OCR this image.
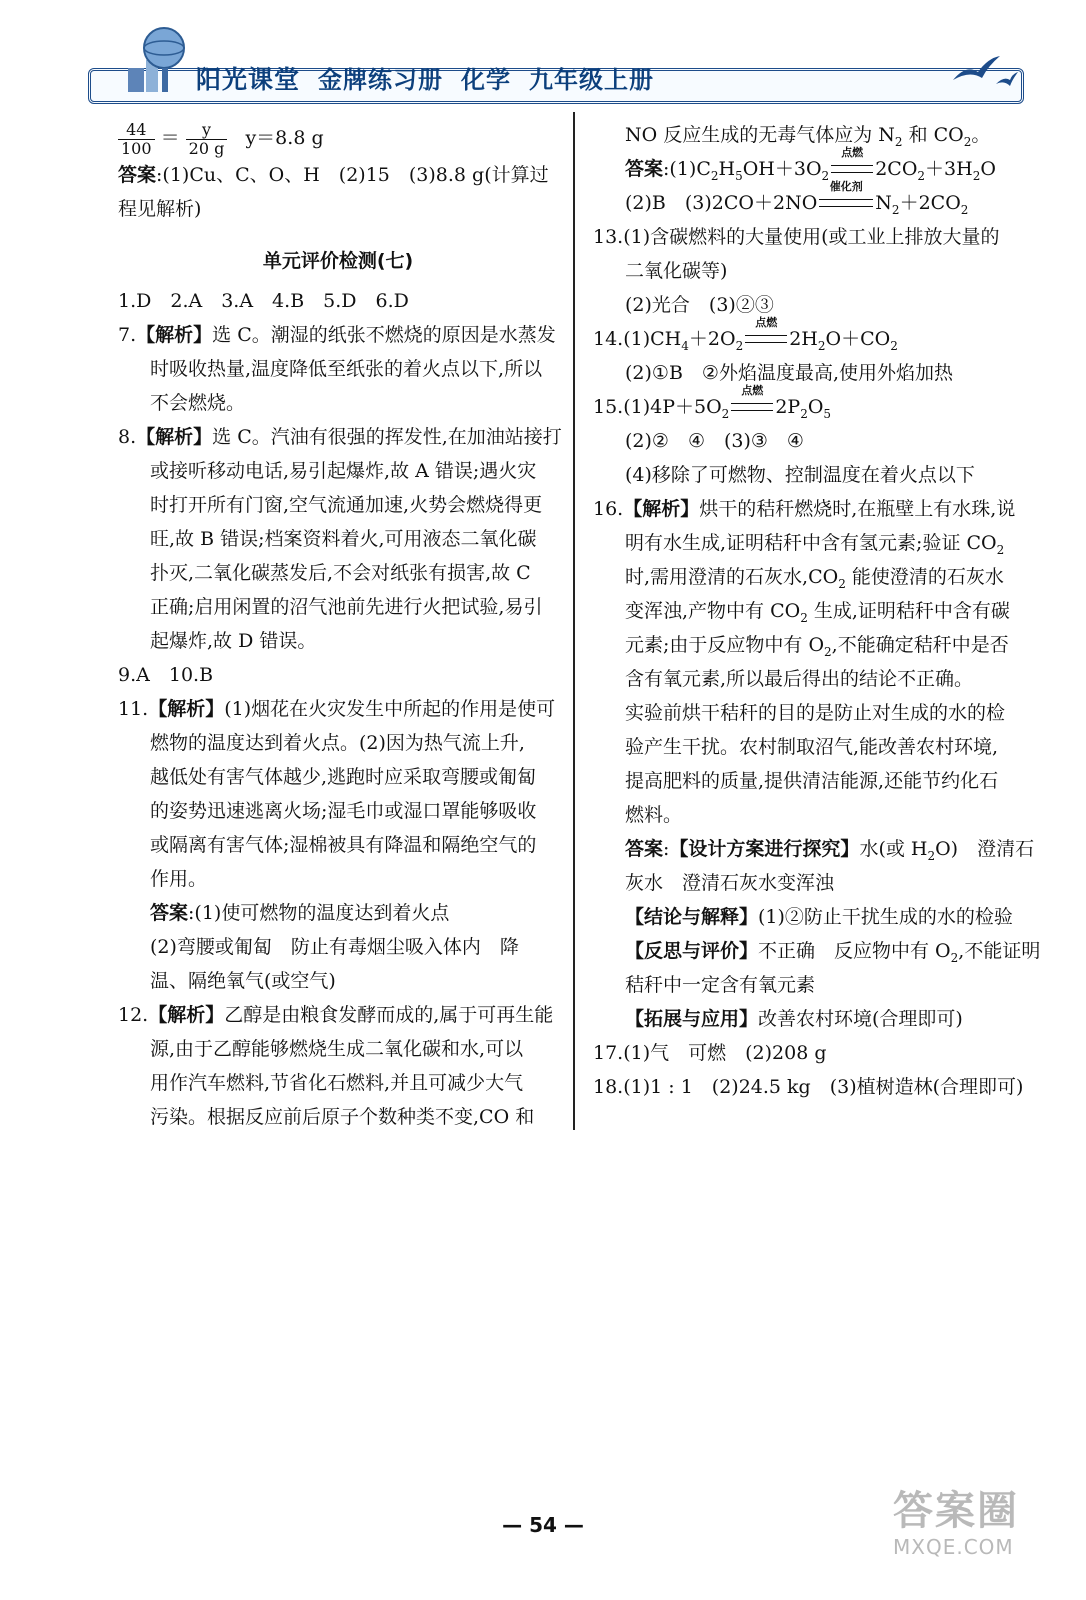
阳光课堂 金牌练习册 化学 九年级上册
$\frac{44}{100} = \frac{y}{20 g} y=8.8$ g
答案:(1)Cu、C、O、H　(2)15　(3)8.8 g(计算过
程见解析)
单元评价检测(七)
1.D　2.A　3.A　4.B　5.D　6.D
7.【解析】选 C。潮湿的纸张不燃烧的原因是水蒸发
时吸收热量,温度降低至纸张的着火点以下,所以
不会燃烧。
8.【解析】选 C。汽油有很强的挥发性,在加油站接打
或接听移动电话,易引起爆炸,故 A 错误;遇火灾
时打开所有门窗,空气流通加速,火势会燃烧得更
旺,故 B 错误;档案资料着火,可用液态二氧化碳
扑灭,二氧化碳蒸发后,不会对纸张有损害,故 C
正确;启用闲置的沼气池前先进行火把试验,易引
起爆炸,故 D 错误。
9.A　10.B
11.【解析】(1)烟花在火灾发生中所起的作用是使可
燃物的温度达到着火点。(2)因为热气流上升,
越低处有害气体越少,逃跑时应采取弯腰或匍匐
的姿势迅速逃离火场;湿毛巾或湿口罩能够吸收
或隔离有害气体;湿棉被具有降温和隔绝空气的
作用。
答案:(1)使可燃物的温度达到着火点
(2)弯腰或匍匐　防止有毒烟尘吸入体内　降
温、隔绝氧气(或空气)
12.【解析】乙醇是由粮食发酵而成的,属于可再生能
源,由于乙醇能够燃烧生成二氧化碳和水,可以
用作汽车燃料,节省化石燃料,并且可减少大气
污染。根据反应前后原子个数种类不变,CO 和
NO 反应生成的无毒气体应为 $N_2$ 和 $CO_2$。
答案$:(1)C_2H_5OH+3O_2$
点燃
$2CO_2+3H_2O$
(2)B　(3)2CO＋2NO
催化剂
$N_2+2CO_2$
13.(1)含碳燃料的大量使用(或工业上排放大量的
二氧化碳等)
(2)光合　(3)②③
$14.(1)CH_4+2O_2$
点燃
$2H_2O+CO_2$
(2)①B　②外焰温度最高,使用外焰加热
$15.(1)4P+5O_2$
点燃
$2P_2O_5$
(2)②　④　(3)③　④
(4)移除了可燃物、控制温度在着火点以下
16.【解析】烘干的秸秆燃烧时,在瓶壁上有水珠,说
明有水生成,证明秸秆中含有氢元素;验证 $CO_2$
时,需用澄清的石灰水$,CO_2$ 能使澄清的石灰水
变浑浊,产物中有 $CO_2$ 生成,证明秸秆中含有碳
元素;由于反应物中有 $O_2$,不能确定秸秆中是否
含有氧元素,所以最后得出的结论不正确。
实验前烘干秸秆的目的是防止对生成的水的检
验产生干扰。农村制取沼气,能改善农村环境,
提高肥料的质量,提供清洁能源,还能节约化石
燃料。
答案:【设计方案进行探究】水(或 $H_2O$)　澄清石
灰水　澄清石灰水变浑浊
【结论与解释】(1)②防止干扰生成的水的检验
【反思与评价】不正确　反应物中有 $O_2$,不能证明
秸秆中一定含有氧元素
【拓展与应用】改善农村环境(合理即可)
17.(1)气　可燃　(2)208 g
18.(1)1 : 1　(2)24.5 kg　(3)植树造林(合理即可)
— 54 —	答案圈
MXQE.COM
